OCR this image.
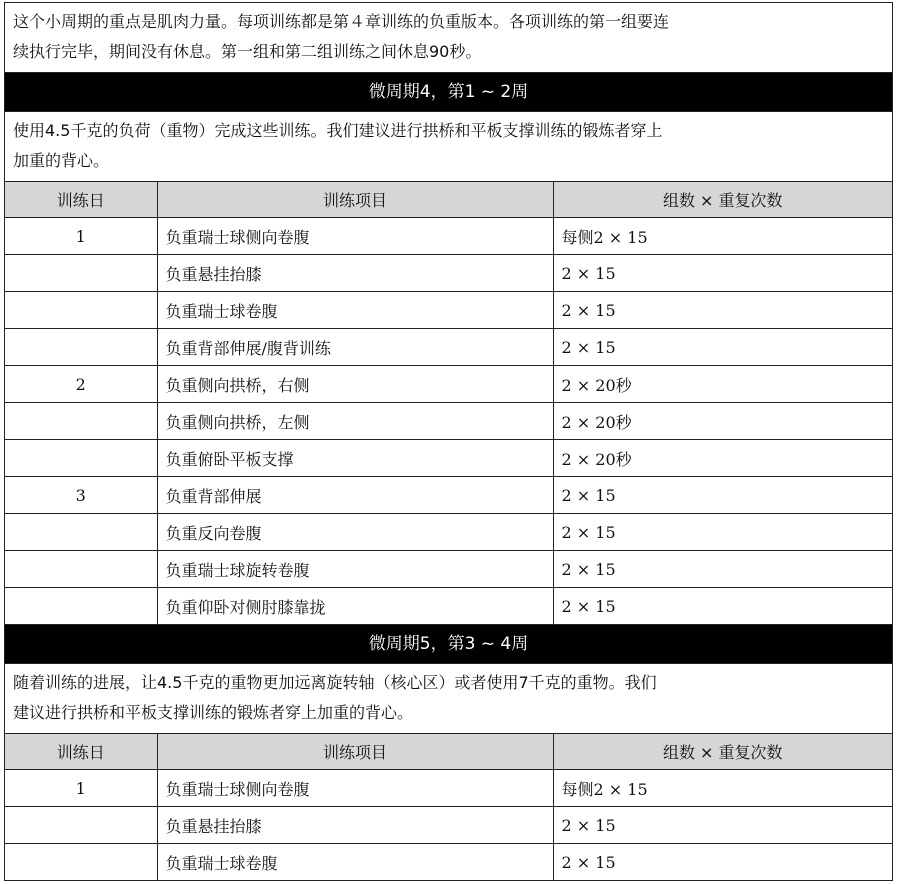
这个小周期的重点是肌肉力量。每项训练都是第４章训练的负重版本。各项训练的第一组要连
续执行完毕，期间没有休息。第一组和第二组训练之间休息90秒。
微周期4，第1 ~ 2周
使用4.5千克的负荷（重物）完成这些训练。我们建议进行拱桥和平板支撑训练的锻炼者穿上
加重的背心。
训练日	训练项目	组数 × 重复次数
1	负重瑞士球侧向卷腹	每侧2 × 15
	负重悬挂抬膝	2 × 15
	负重瑞士球卷腹	2 × 15
	负重背部伸展/腹背训练	2 × 15
2	负重侧向拱桥，右侧	2 × 20秒
	负重侧向拱桥，左侧	2 × 20秒
	负重俯卧平板支撑	2 × 20秒
3	负重背部伸展	2 × 15
	负重反向卷腹	2 × 15
	负重瑞士球旋转卷腹	2 × 15
	负重仰卧对侧肘膝靠拢	2 × 15
微周期5，第3 ~ 4周
随着训练的进展，让4.5千克的重物更加远离旋转轴（核心区）或者使用7千克的重物。我们
建议进行拱桥和平板支撑训练的锻炼者穿上加重的背心。
训练日	训练项目	组数 × 重复次数
1	负重瑞士球侧向卷腹	每侧2 × 15
	负重悬挂抬膝	2 × 15
	负重瑞士球卷腹	2 × 15
